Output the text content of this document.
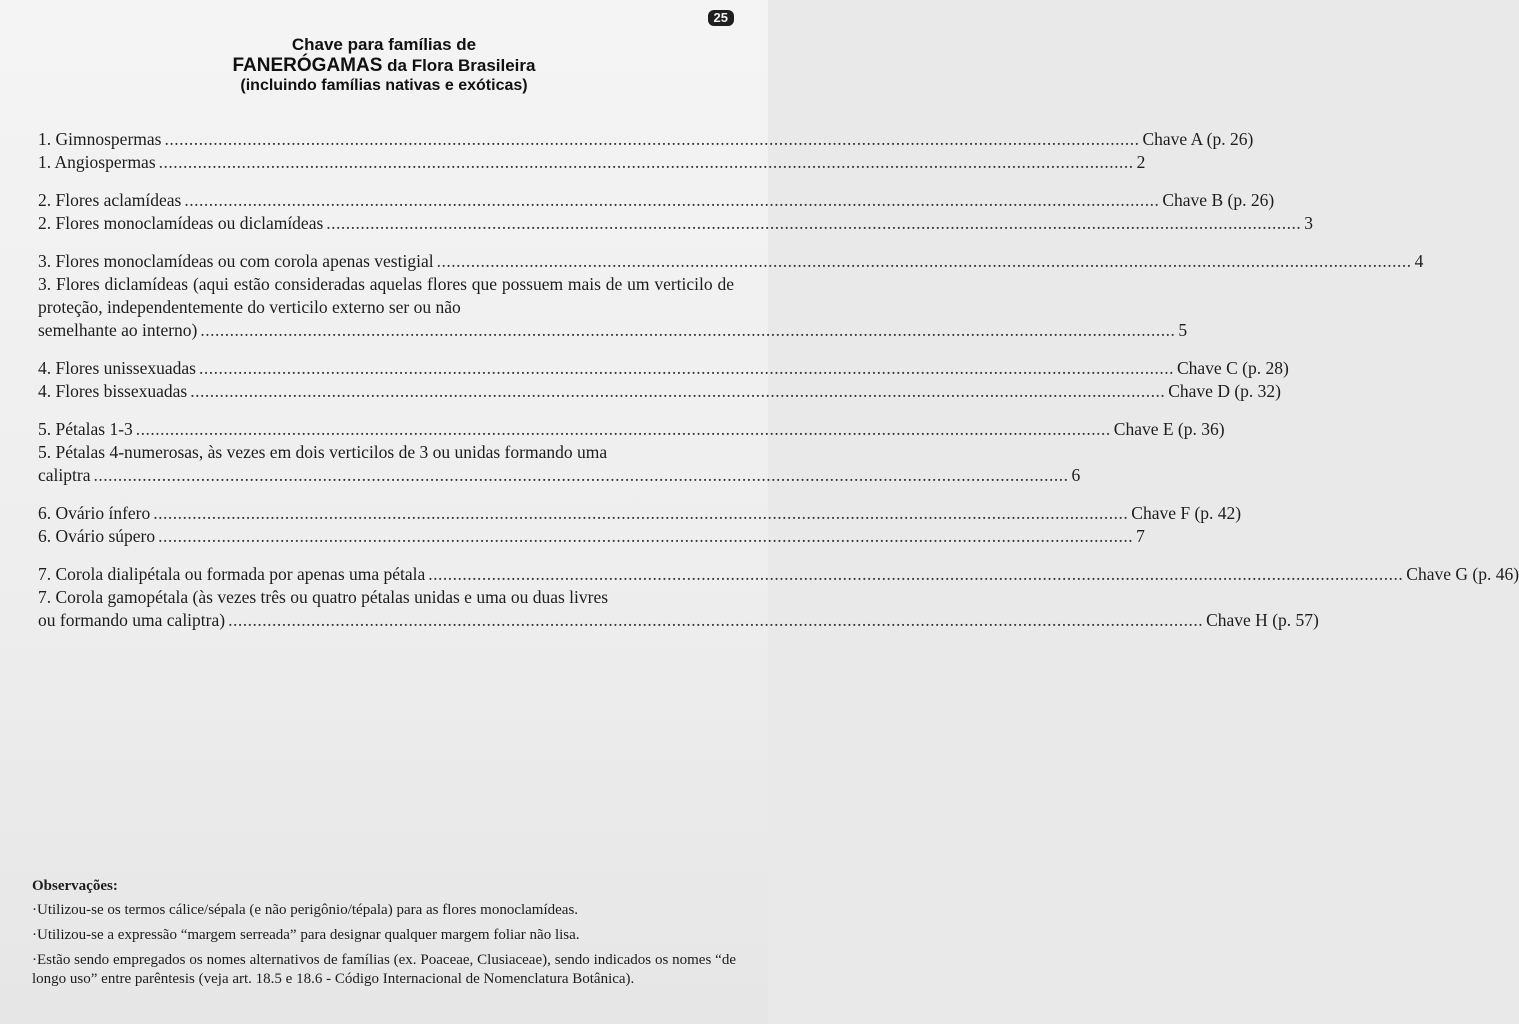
25
Chave para famílias de
FANERÓGAMAS da Flora Brasileira
(incluindo famílias nativas e exóticas)
1. Gimnospermas ........................................................................................................................................................................................................ Chave A (p. 26)
1. Angiospermas ........................................................................................................................................................................................................ 2
2. Flores aclamídeas ........................................................................................................................................................................................................ Chave B (p. 26)
2. Flores monoclamídeas ou diclamídeas ........................................................................................................................................................................................................ 3
3. Flores monoclamídeas ou com corola apenas vestigial ........................................................................................................................................................................................................ 4
3. Flores diclamídeas (aqui estão consideradas aquelas flores que possuem mais de um verticilo de proteção, independentemente do verticilo externo ser ou não
semelhante ao interno) ........................................................................................................................................................................................................ 5
4. Flores unissexuadas ........................................................................................................................................................................................................ Chave C (p. 28)
4. Flores bissexuadas ........................................................................................................................................................................................................ Chave D (p. 32)
5. Pétalas 1-3 ........................................................................................................................................................................................................ Chave E (p. 36)
5. Pétalas 4-numerosas, às vezes em dois verticilos de 3 ou unidas formando uma
caliptra ........................................................................................................................................................................................................ 6
6. Ovário ínfero ........................................................................................................................................................................................................ Chave F (p. 42)
6. Ovário súpero ........................................................................................................................................................................................................ 7
7. Corola dialipétala ou formada por apenas uma pétala ........................................................................................................................................................................................................ Chave G (p. 46)
7. Corola gamopétala (às vezes três ou quatro pétalas unidas e uma ou duas livres
ou formando uma caliptra) ........................................................................................................................................................................................................ Chave H (p. 57)
Observações:
·Utilizou-se os termos cálice/sépala (e não perigônio/tépala) para as flores monoclamídeas.
·Utilizou-se a expressão “margem serreada” para designar qualquer margem foliar não lisa.
·Estão sendo empregados os nomes alternativos de famílias (ex. Poaceae, Clusiaceae), sendo indicados os nomes “de longo uso” entre parêntesis (veja art. 18.5 e 18.6 - Código Internacional de Nomenclatura Botânica).
